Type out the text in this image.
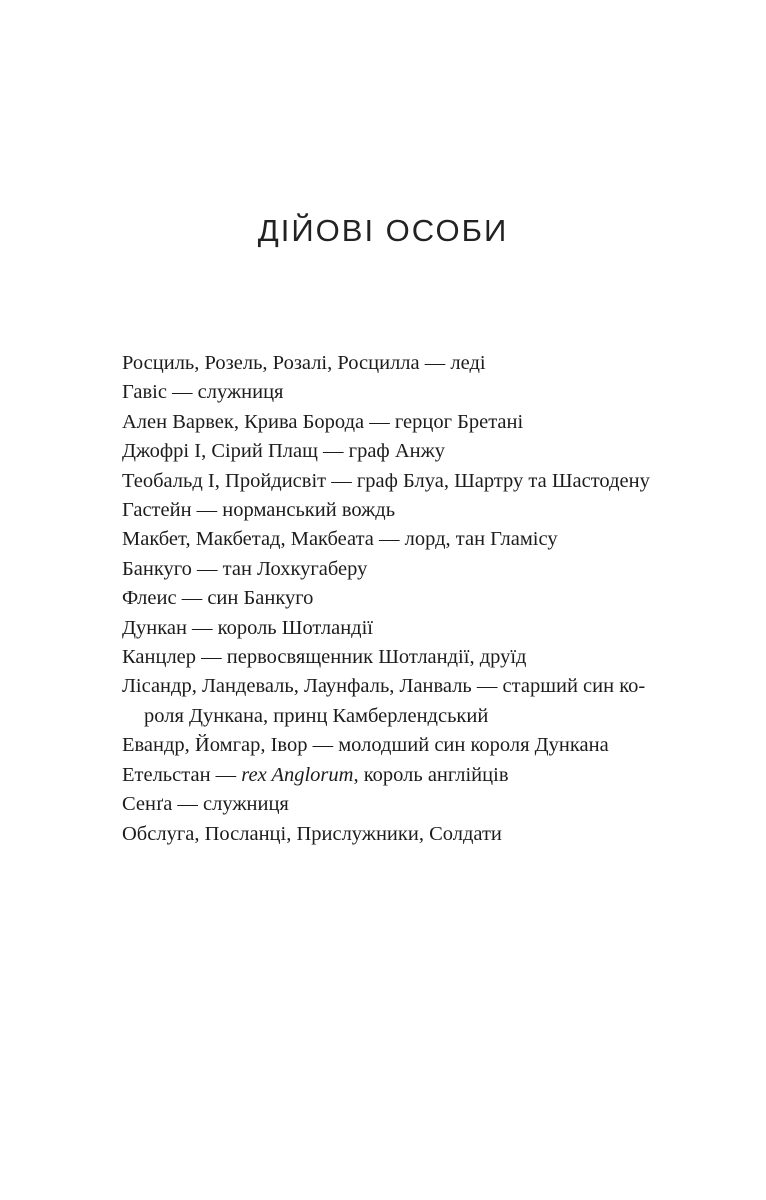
ДІЙОВІ ОСОБИ
Росциль, Розель, Розалі, Росцилла — леді
Гавіс — служниця
Ален Варвек, Крива Борода — герцог Бретані
Джофрі І, Сірий Плащ — граф Анжу
Теобальд І, Пройдисвіт — граф Блуа, Шартру та Шастодену
Гастейн — норманський вождь
Макбет, Макбетад, Макбеата — лорд, тан Гламісу
Банкуго — тан Лохкугаберу
Флеис — син Банкуго
Дункан — король Шотландії
Канцлер — первосвященник Шотландії, друїд
Лісандр, Ландеваль, Лаунфаль, Ланваль — старший син ко-
роля Дункана, принц Камберлендський
Евандр, Йомгар, Івор — молодший син короля Дункана
Етельстан — rex Anglorum, король англійців
Сенґа — служниця
Обслуга, Посланці, Прислужники, Солдати
